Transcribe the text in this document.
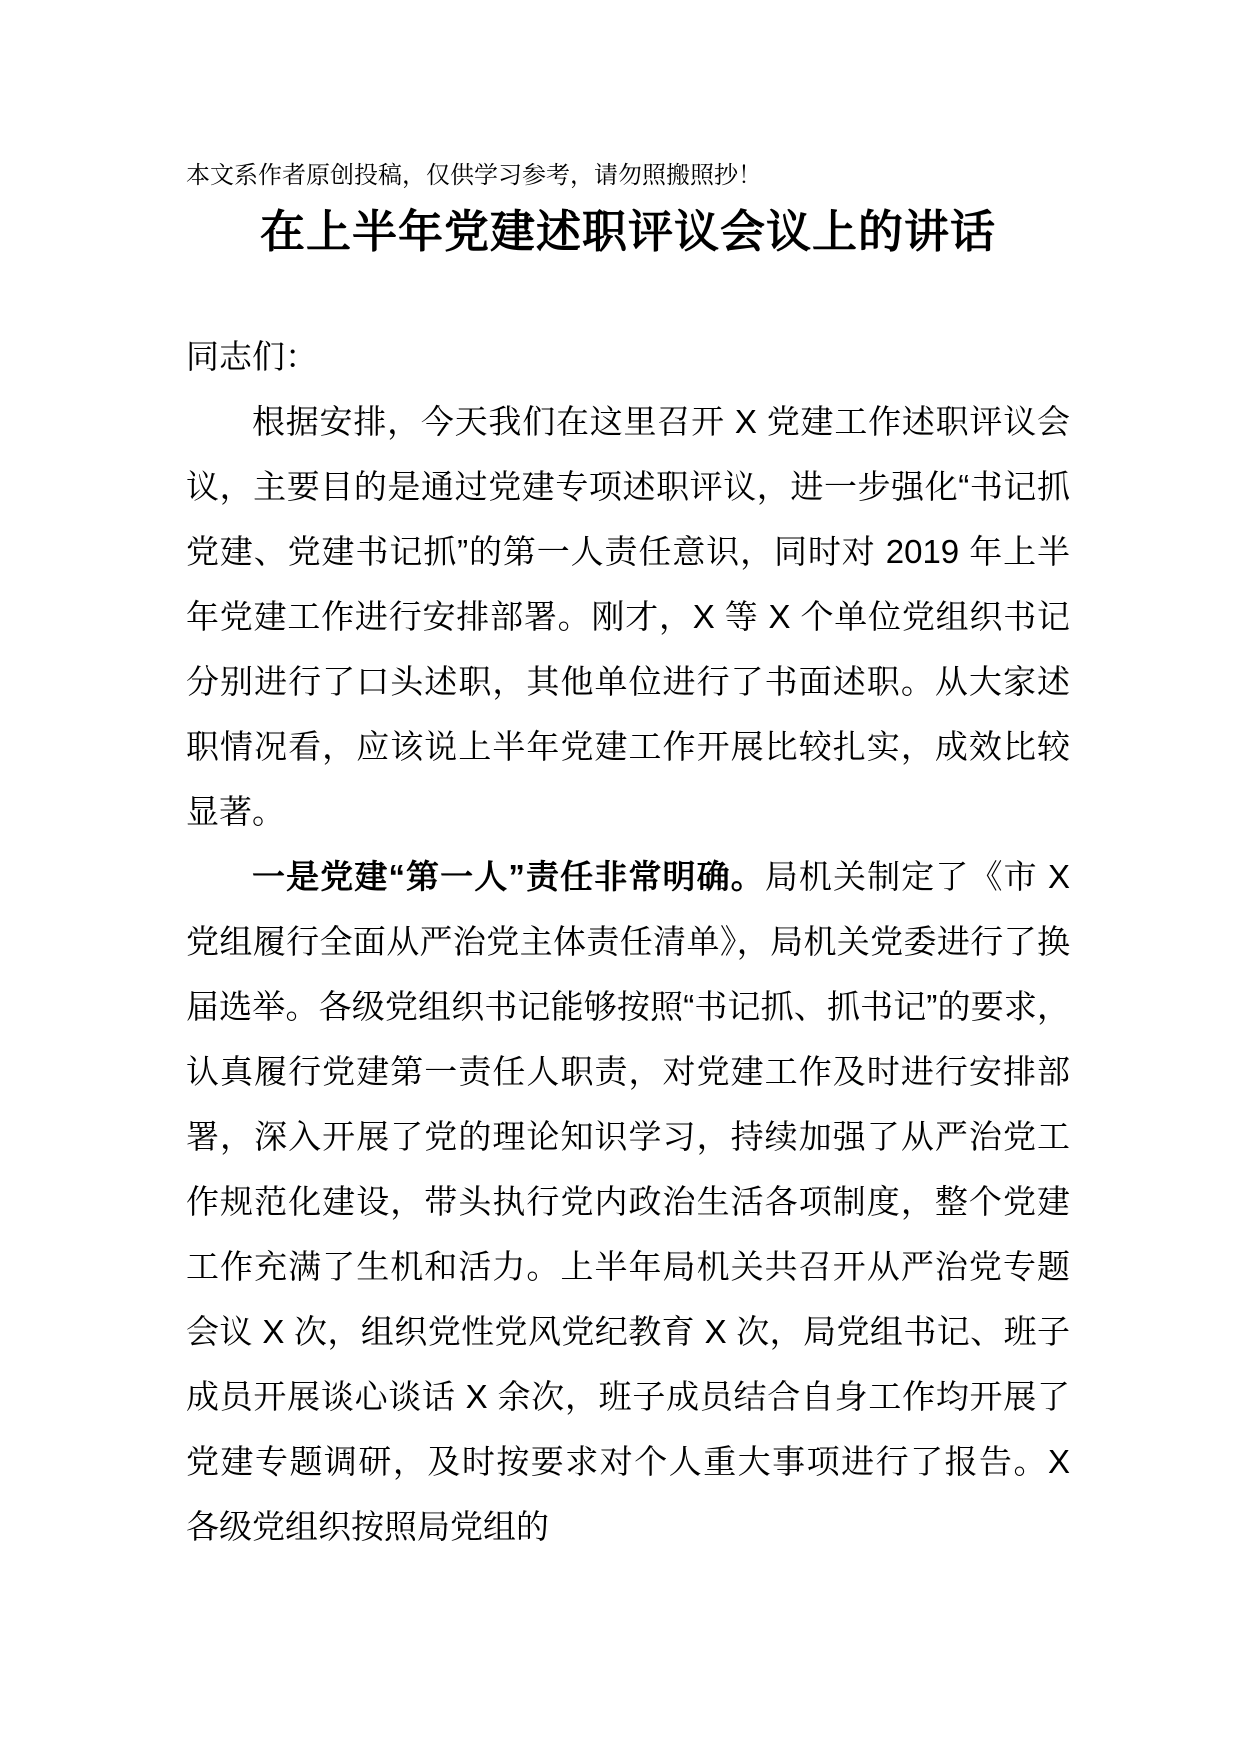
本文系作者原创投稿，仅供学习参考，请勿照搬照抄！

在上半年党建述职评议会议上的讲话

同志们：

根据安排，今天我们在这里召开 X 党建工作述职评议会议，主要目的是通过党建专项述职评议，进一步强化“书记抓党建、党建书记抓”的第一人责任意识，同时对 2019 年上半年党建工作进行安排部署。刚才，X 等 X 个单位党组织书记分别进行了口头述职，其他单位进行了书面述职。从大家述职情况看，应该说上半年党建工作开展比较扎实，成效比较显著。

一是党建“第一人”责任非常明确。局机关制定了《市 X 党组履行全面从严治党主体责任清单》，局机关党委进行了换届选举。各级党组织书记能够按照“书记抓、抓书记”的要求，认真履行党建第一责任人职责，对党建工作及时进行安排部署，深入开展了党的理论知识学习，持续加强了从严治党工作规范化建设，带头执行党内政治生活各项制度，整个党建工作充满了生机和活力。上半年局机关共召开从严治党专题会议 X 次，组织党性党风党纪教育 X 次，局党组书记、班子成员开展谈心谈话 X 余次，班子成员结合自身工作均开展了党建专题调研，及时按要求对个人重大事项进行了报告。X 各级党组织按照局党组的
